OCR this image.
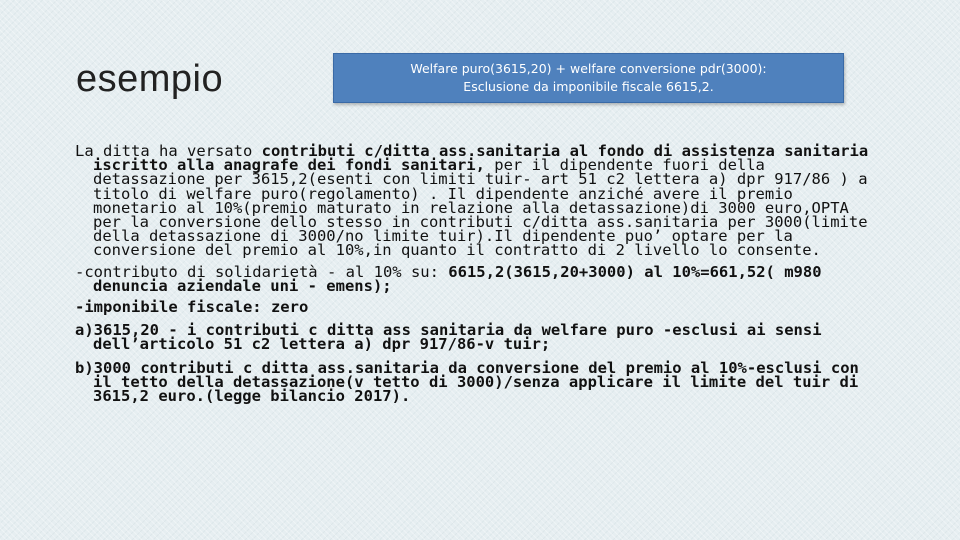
esempio	Welfare puro(3615,20) + welfare conversione pdr(3000):
Esclusione da imponibile fiscale 6615,2.

La ditta ha versato contributi c/ditta ass.sanitaria al fondo di assistenza sanitaria iscritto alla anagrafe dei fondi sanitari, per il dipendente fuori della detassazione per 3615,2(esenti con limiti tuir- art 51 c2 lettera a) dpr 917/86 ) a titolo di welfare puro(regolamento) . Il dipendente anziché avere il premio monetario al 10%(premio maturato in relazione alla detassazione)di 3000 euro,OPTA per la conversione dello stesso in contributi c/ditta ass.sanitaria per 3000(limite della detassazione di 3000/no limite tuir).Il dipendente puo’ optare per la conversione del premio al 10%,in quanto il contratto di 2 livello lo consente.

-contributo di solidarietà - al 10% su: 6615,2(3615,20+3000) al 10%=661,52( m980 denuncia aziendale uni - emens);

-imponibile fiscale: zero

a)3615,20 - i contributi c ditta ass sanitaria da welfare puro -esclusi ai sensi dell’articolo 51 c2 lettera a) dpr 917/86-v tuir;

b)3000 contributi c ditta ass.sanitaria da conversione del premio al 10%-esclusi con il tetto della detassazione(v tetto di 3000)/senza applicare il limite del tuir di 3615,2 euro.(legge bilancio 2017).
